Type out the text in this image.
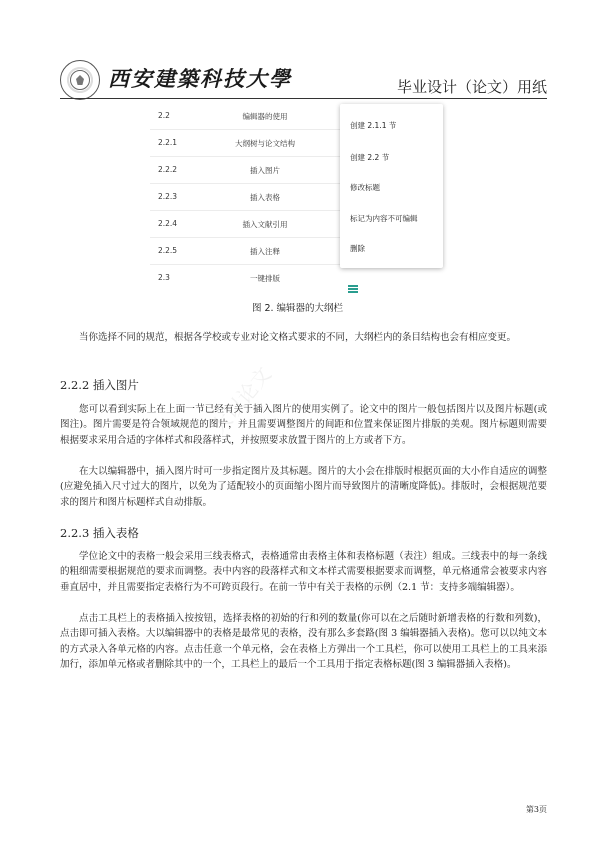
西安建築科技大學	毕业设计（论文）用纸
2.2	编辑器的使用
2.2.1	大纲树与论文结构
2.2.2	插入图片
2.2.3	插入表格
2.2.4	插入文献引用
2.2.5	插入注释
2.3	一键排版
创建 2.1.1 节
创建 2.2 节
修改标题
标记为内容不可编辑
删除
图 2. 编辑器的大纲栏

当你选择不同的规范，根据各学校或专业对论文格式要求的不同，大纲栏内的条目结构也会有相应变更。

2.2.2 插入图片

您可以看到实际上在上面一节已经有关于插入图片的使用实例了。论文中的图片一般包括图片以及图片标题(或图注)。图片需要是符合领域规范的图片，并且需要调整图片的间距和位置来保证图片排版的美观。图片标题则需要根据要求采用合适的字体样式和段落样式，并按照要求放置于图片的上方或者下方。

在大以编辑器中，插入图片时可一步指定图片及其标题。图片的大小会在排版时根据页面的大小作自适应的调整(应避免插入尺寸过大的图片，以免为了适配较小的页面缩小图片而导致图片的清晰度降低)。排版时，会根据规范要求的图片和图片标题样式自动排版。

2.2.3 插入表格

学位论文中的表格一般会采用三线表格式，表格通常由表格主体和表格标题（表注）组成。三线表中的每一条线的粗细需要根据规范的要求而调整。表中内容的段落样式和文本样式需要根据要求而调整，单元格通常会被要求内容垂直居中，并且需要指定表格行为不可跨页段行。在前一节中有关于表格的示例（2.1 节：支持多端编辑器）。

点击工具栏上的表格插入按按钮，选择表格的初始的行和列的数量(你可以在之后随时新增表格的行数和列数)，点击即可插入表格。大以编辑器中的表格是最常见的表格，没有那么多套路(图 3 编辑器插入表格)。您可以以纯文本的方式录入各单元格的内容。点击任意一个单元格，会在表格上方弹出一个工具栏，你可以使用工具栏上的工具来添加行，添加单元格或者删除其中的一个，工具栏上的最后一个工具用于指定表格标题(图 3 编辑器插入表格)。

大以论文
第3页
